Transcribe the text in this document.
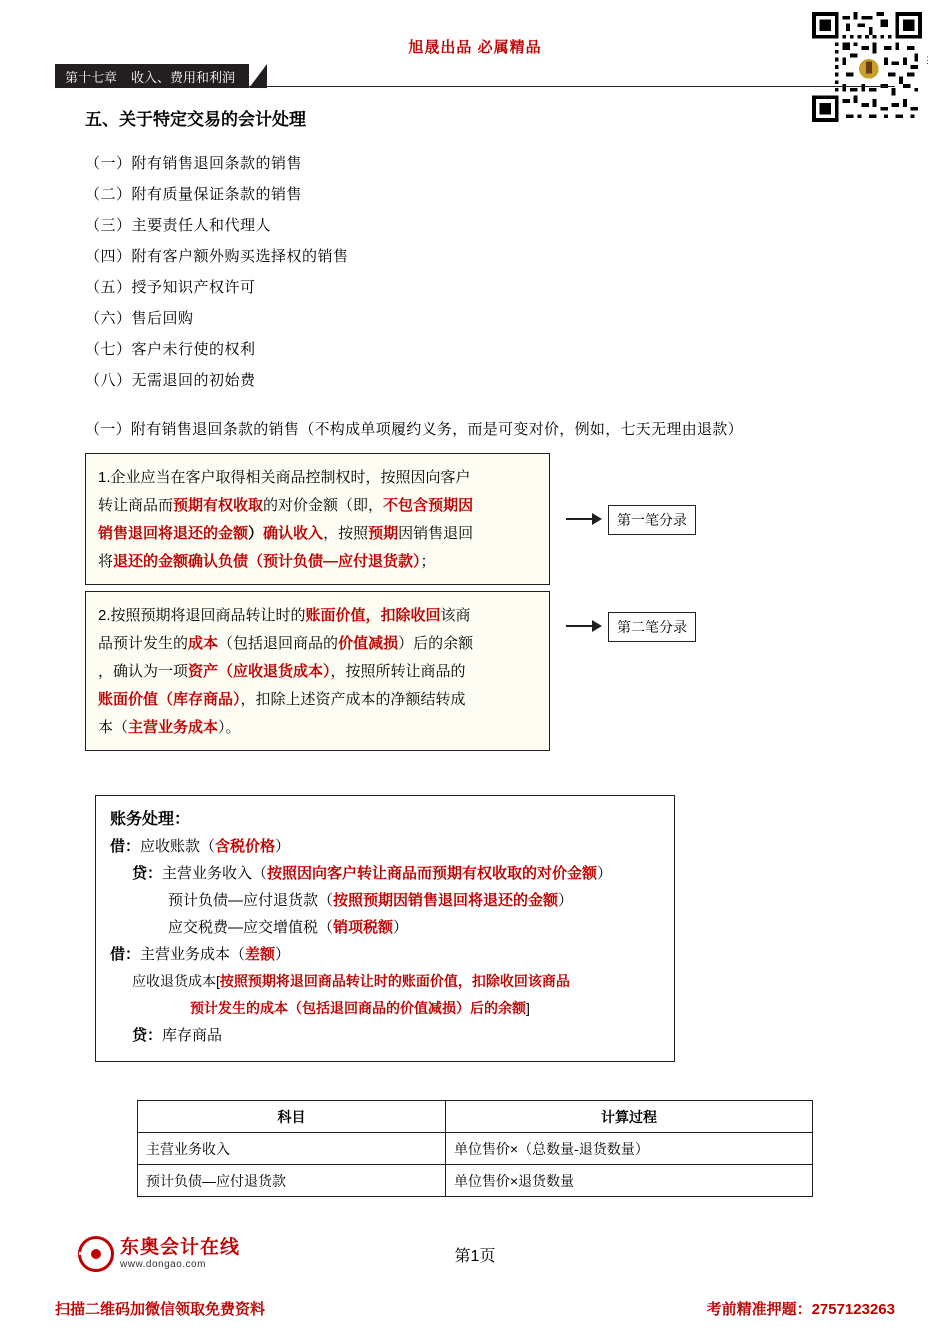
旭晟出品 必属精品
⋮
第十七章 收入、费用和利润
五、关于特定交易的会计处理
（一）附有销售退回条款的销售
（二）附有质量保证条款的销售
（三）主要责任人和代理人
（四）附有客户额外购买选择权的销售
（五）授予知识产权许可
（六）售后回购
（七）客户未行使的权利
（八）无需退回的初始费
（一）附有销售退回条款的销售（不构成单项履约义务，而是可变对价，例如，七天无理由退款）
1.企业应当在客户取得相关商品控制权时，按照因向客户
转让商品而预期有权收取的对价金额（即，不包含预期因
销售退回将退还的金额）确认收入，按照预期因销售退回
将退还的金额确认负债（预计负债—应付退货款）；
第一笔分录
2.按照预期将退回商品转让时的账面价值，扣除收回该商
品预计发生的成本（包括退回商品的价值减损）后的余额
，确认为一项资产（应收退货成本），按照所转让商品的
账面价值（库存商品），扣除上述资产成本的净额结转成
本（主营业务成本）。
第二笔分录
账务处理：
借：应收账款（含税价格）
贷：主营业务收入（按照因向客户转让商品而预期有权收取的对价金额）
预计负债—应付退货款（按照预期因销售退回将退还的金额）
应交税费—应交增值税（销项税额）
借：主营业务成本（差额）
应收退货成本[按照预期将退回商品转让时的账面价值，扣除收回该商品
预计发生的成本（包括退回商品的价值减损）后的余额]
贷：库存商品
科目	计算过程
主营业务收入	单位售价×（总数量-退货数量）
预计负债—应付退货款	单位售价×退货数量
东奥会计在线
www.dongao.com	第1页
扫描二维码加微信领取免费资料	考前精准押题：2757123263
